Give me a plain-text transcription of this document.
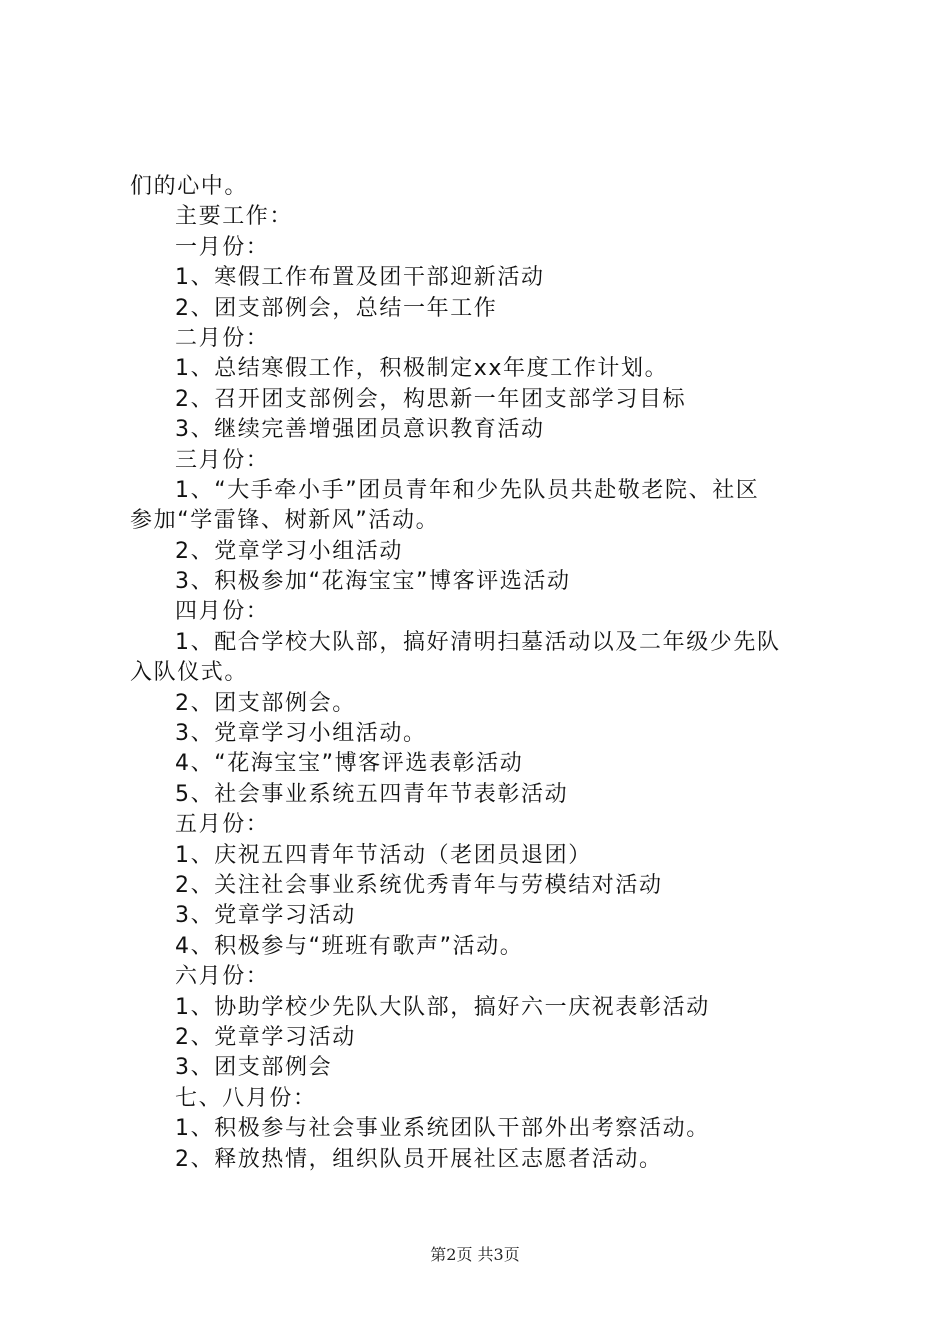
们的心中。
主要工作：
一月份：
1、寒假工作布置及团干部迎新活动
2、团支部例会，总结一年工作
二月份：
1、总结寒假工作，积极制定xx年度工作计划。
2、召开团支部例会，构思新一年团支部学习目标
3、继续完善增强团员意识教育活动
三月份：
1、“大手牵小手”团员青年和少先队员共赴敬老院、社区
参加“学雷锋、树新风”活动。
2、党章学习小组活动
3、积极参加“花海宝宝”博客评选活动
四月份：
1、配合学校大队部，搞好清明扫墓活动以及二年级少先队
入队仪式。
2、团支部例会。
3、党章学习小组活动。
4、“花海宝宝”博客评选表彰活动
5、社会事业系统五四青年节表彰活动
五月份：
1、庆祝五四青年节活动（老团员退团）
2、关注社会事业系统优秀青年与劳模结对活动
3、党章学习活动
4、积极参与“班班有歌声”活动。
六月份：
1、协助学校少先队大队部，搞好六一庆祝表彰活动
2、党章学习活动
3、团支部例会
七、八月份：
1、积极参与社会事业系统团队干部外出考察活动。
2、释放热情，组织队员开展社区志愿者活动。
第2页 共3页
